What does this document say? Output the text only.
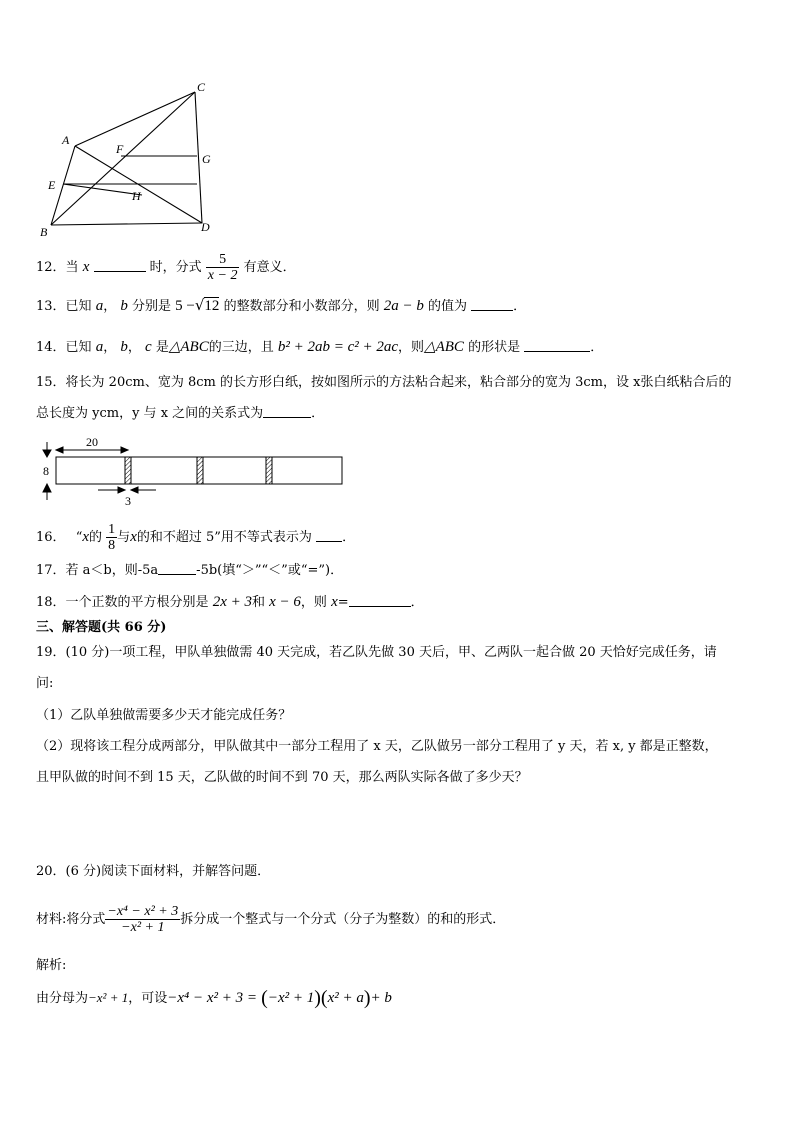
A
B
C
D
E
F
G
H
12．当 x	时，分式 $\frac{5}{x - 2}$ 有意义．
13．已知 a， b 分别是 5 −√12 的整数部分和小数部分，则 2a − b 的值为	．
14．已知 a， b， c 是△ABC的三边，且 b² + 2ab = c² + 2ac，则△ABC 的形状是	．
15．将长为 20cm、宽为 8cm 的长方形白纸，按如图所示的方法粘合起来，粘合部分的宽为 3cm，设 x张白纸粘合后的
总长度为 ycm，y 与 x 之间的关系式为	．
20
8
3
16． “x的 $\frac{1}{8}$ 与x的和不超过 5”用不等式表示为 ．
17．若 a＜b，则-5a	-5b(填“＞”“＜”或“=”)．
18．一个正数的平方根分别是 2x + 3和 x − 6，则 x=	．
三、解答题(共 66 分)
19．(10 分)一项工程，甲队单独做需 40 天完成，若乙队先做 30 天后，甲、乙两队一起合做 20 天恰好完成任务，请
问:
（1）乙队单独做需要多少天才能完成任务？
（2）现将该工程分成两部分，甲队做其中一部分工程用了 x 天，乙队做另一部分工程用了 y 天，若 x, y 都是正整数，
且甲队做的时间不到 15 天，乙队做的时间不到 70 天，那么两队实际各做了多少天？
20．(6 分)阅读下面材料，并解答问题．
材料:将分式 $\frac{\text{−x⁴ − x² + 3}}{\text{−x² + 1}}$ 拆分成一个整式与一个分式（分子为整数）的和的形式．
解析:
由分母为−x² + 1，可设−x⁴ − x² + 3 = (−x² + 1)(x² + a)+ b
